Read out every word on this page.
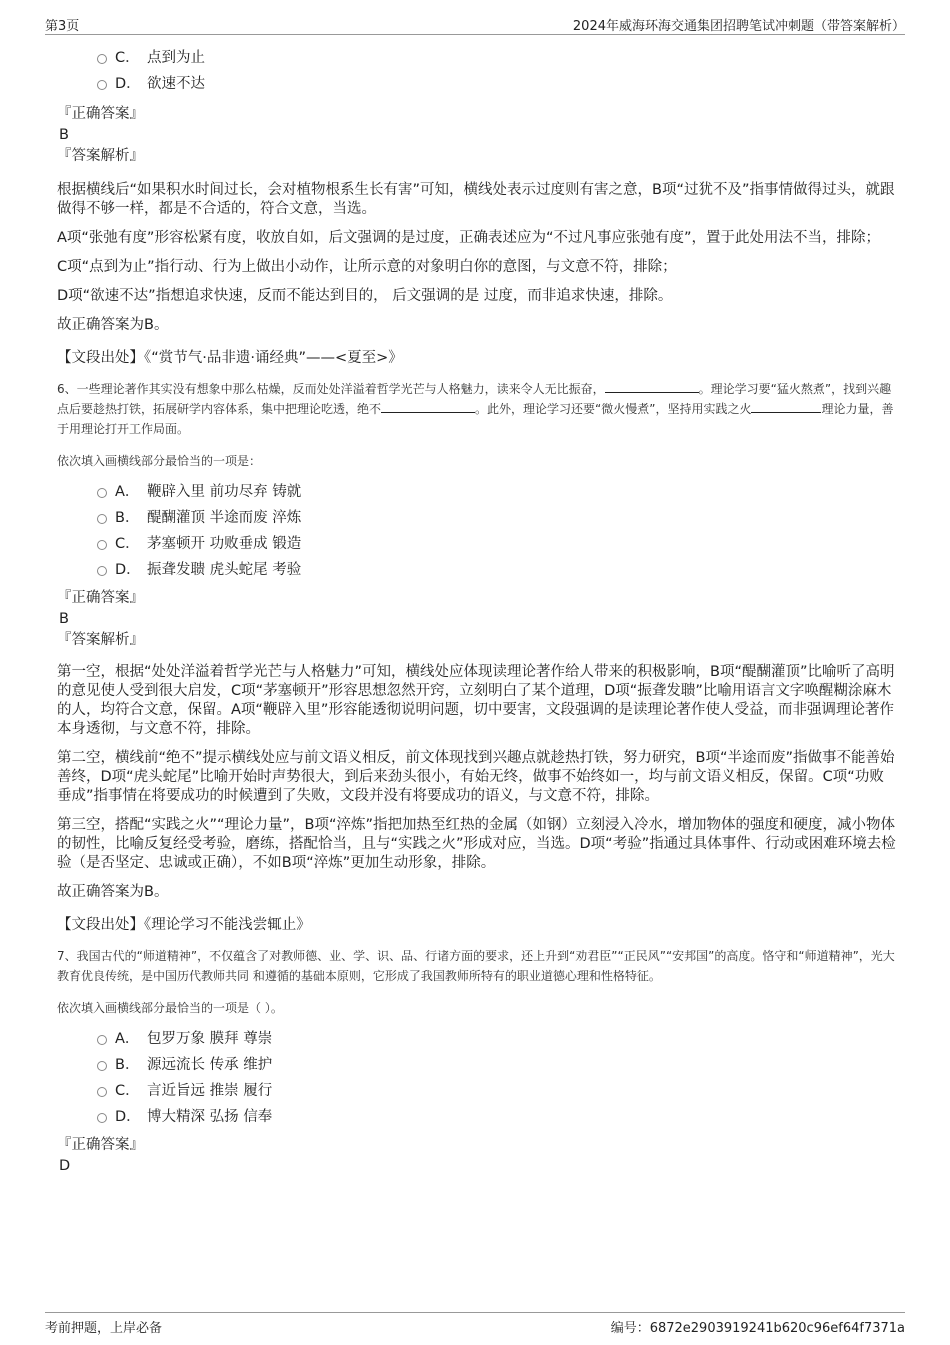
第3页	2024年威海环海交通集团招聘笔试冲刺题（带答案解析）
C． 点到为止
D． 欲速不达
『正确答案』
B
『答案解析』

根据横线后“如果积水时间过长，会对植物根系生长有害”可知，横线处表示过度则有害之意，B项“过犹不及”指事情做得过头，就跟做得不够一样，都是不合适的，符合文意，当选。

A项“张弛有度”形容松紧有度，收放自如，后文强调的是过度，正确表述应为“不过凡事应张弛有度”，置于此处用法不当，排除；

C项“点到为止”指行动、行为上做出小动作，让所示意的对象明白你的意图，与文意不符，排除；

D项“欲速不达”指想追求快速，反而不能达到目的， 后文强调的是 过度，而非追求快速，排除。

故正确答案为B。

【文段出处】《“赏节气·品非遗·诵经典”——<夏至>》

6、一些理论著作其实没有想象中那么枯燥，反而处处洋溢着哲学光芒与人格魅力，读来令人无比振奋，	。理论学习要“猛火熬煮”，找到兴趣点后要趁热打铁，拓展研学内容体系，集中把理论吃透，绝不	。此外，理论学习还要“微火慢煮”，坚持用实践之火	理论力量，善于用理论打开工作局面。

依次填入画横线部分最恰当的一项是：

A． 鞭辟入里 前功尽弃 铸就
B． 醍醐灌顶 半途而废 淬炼
C． 茅塞顿开 功败垂成 锻造
D． 振聋发聩 虎头蛇尾 考验
『正确答案』
B
『答案解析』

第一空，根据“处处洋溢着哲学光芒与人格魅力”可知，横线处应体现读理论著作给人带来的积极影响，B项“醍醐灌顶”比喻听了高明的意见使人受到很大启发，C项“茅塞顿开”形容思想忽然开窍，立刻明白了某个道理，D项“振聋发聩”比喻用语言文字唤醒糊涂麻木的人，均符合文意，保留。A项“鞭辟入里”形容能透彻说明问题，切中要害，文段强调的是读理论著作使人受益，而非强调理论著作本身透彻，与文意不符，排除。

第二空，横线前“绝不”提示横线处应与前文语义相反，前文体现找到兴趣点就趁热打铁，努力研究，B项“半途而废”指做事不能善始善终，D项“虎头蛇尾”比喻开始时声势很大，到后来劲头很小，有始无终，做事不始终如一，均与前文语义相反，保留。C项“功败垂成”指事情在将要成功的时候遭到了失败，文段并没有将要成功的语义，与文意不符，排除。

第三空，搭配“实践之火”“理论力量”，B项“淬炼”指把加热至红热的金属（如钢）立刻浸入冷水，增加物体的强度和硬度，减小物体的韧性，比喻反复经受考验，磨练，搭配恰当，且与“实践之火”形成对应，当选。D项“考验”指通过具体事件、行动或困难环境去检验（是否坚定、忠诚或正确），不如B项“淬炼”更加生动形象，排除。

故正确答案为B。

【文段出处】《理论学习不能浅尝辄止》

7、我国古代的“师道精神”，不仅蕴含了对教师德、业、学、识、品、行诸方面的要求，还上升到“劝君臣”“正民风”“安邦国”的高度。恪守和“师道精神”，光大教育优良传统，是中国历代教师共同 和遵循的基础本原则，它形成了我国教师所特有的职业道德心理和性格特征。

依次填入画横线部分最恰当的一项是（ ）。

A． 包罗万象 膜拜 尊崇
B． 源远流长 传承 维护
C． 言近旨远 推崇 履行
D． 博大精深 弘扬 信奉
『正确答案』
D
考前押题，上岸必备	编号：6872e2903919241b620c96ef64f7371a
